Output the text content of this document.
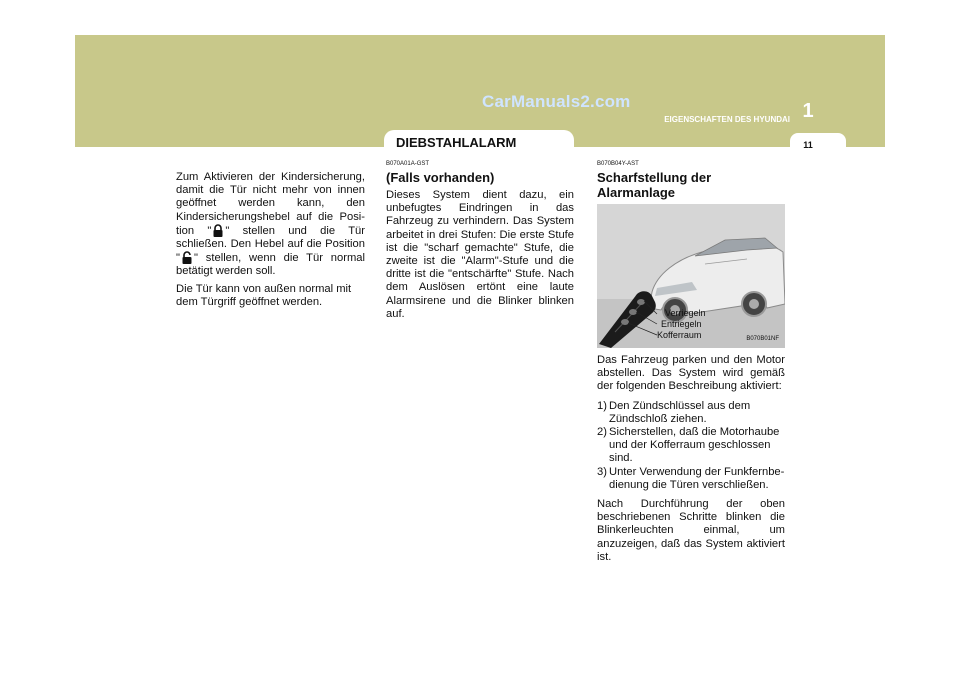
CarManuals2.com	1
EIGENSCHAFTEN DES HYUNDAI
DIEBSTAHLALARM	11

Zum Aktivieren der Kindersicherung, damit die Tür nicht mehr von innen geöffnet werden kann, den Kindersicherungshebel auf die Posi-tion " " stellen und die Tür schließen. Den Hebel auf die Position " " stellen, wenn die Tür normal betätigt werden soll.

Die Tür kann von außen normal mit dem Türgriff geöffnet werden.

B070A01A-GST

(Falls vorhanden)

Dieses System dient dazu, ein unbefugtes Eindringen in das Fahrzeug zu verhindern. Das System arbeitet in drei Stufen: Die erste Stufe ist die "scharf gemachte" Stufe, die zweite ist die "Alarm"-Stufe und die dritte ist die "entschärfte" Stufe. Nach dem Auslösen ertönt eine laute Alarmsirene und die Blinker blinken auf.

B070B04Y-AST

Scharfstellung der Alarmanlage

Verriegeln
Entriegeln
Kofferraum	B070B01NF

Das Fahrzeug parken und den Motor abstellen. Das System wird gemäß der folgenden Beschreibung aktiviert:

1) Den Zündschlüssel aus dem Zündschloß ziehen.
2) Sicherstellen, daß die Motorhaube und der Kofferraum geschlossen sind.
3) Unter Verwendung der Funkfernbe-dienung die Türen verschließen.

Nach Durchführung der oben beschriebenen Schritte blinken die Blinkerleuchten einmal, um anzuzeigen, daß das System aktiviert ist.
